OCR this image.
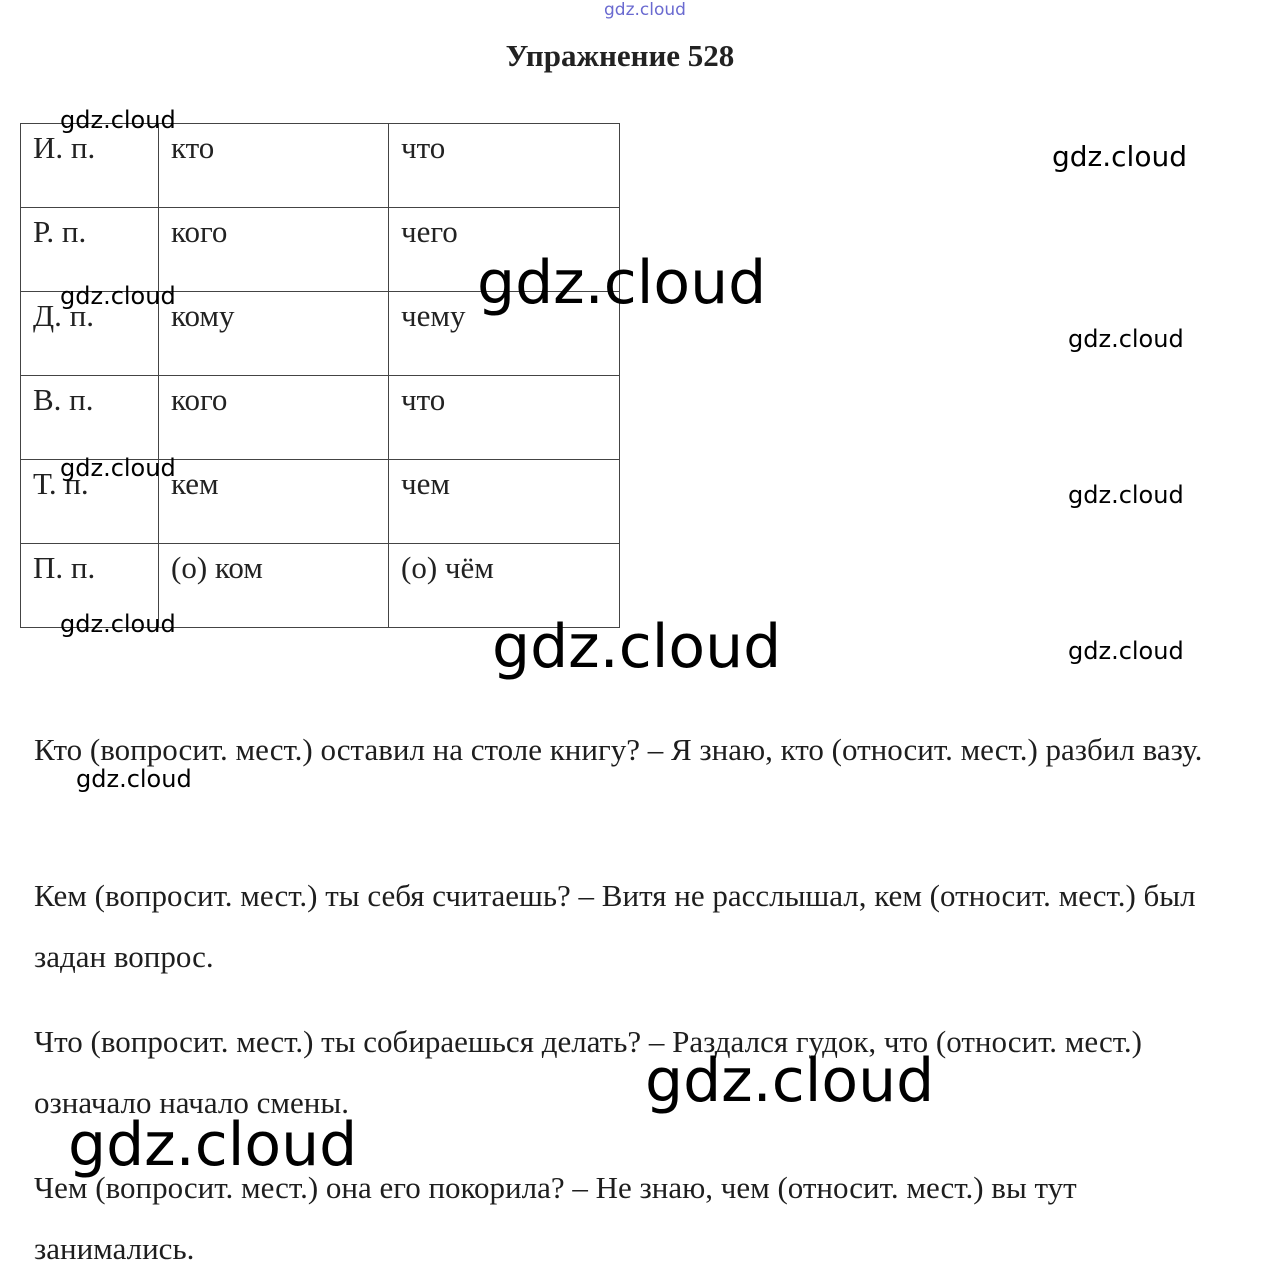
Упражнение 528
И. п.	кто	что
Р. п.	кого	чего
Д. п.	кому	чему
В. п.	кого	что
Т. п.	кем	чем
П. п.	(о) ком	(о) чём
Кто (вопросит. мест.) оставил на столе книгу? – Я знаю, кто (относит. мест.) разбил вазу.
Кем (вопросит. мест.) ты себя считаешь? – Витя не расслышал, кем (относит. мест.) был задан вопрос.
Что (вопросит. мест.) ты собираешься делать? – Раздался гудок, что (относит. мест.) означало начало смены.
Чем (вопросит. мест.) она его покорила? – Не знаю, чем (относит. мест.) вы тут занимались.
gdz.cloud
gdz.cloud
gdz.cloud
gdz.cloud
gdz.cloud
gdz.cloud
gdz.cloud
gdz.cloud
gdz.cloud	gdz.cloud	gdz.cloud
gdz.cloud
gdz.cloud
gdz.cloud
